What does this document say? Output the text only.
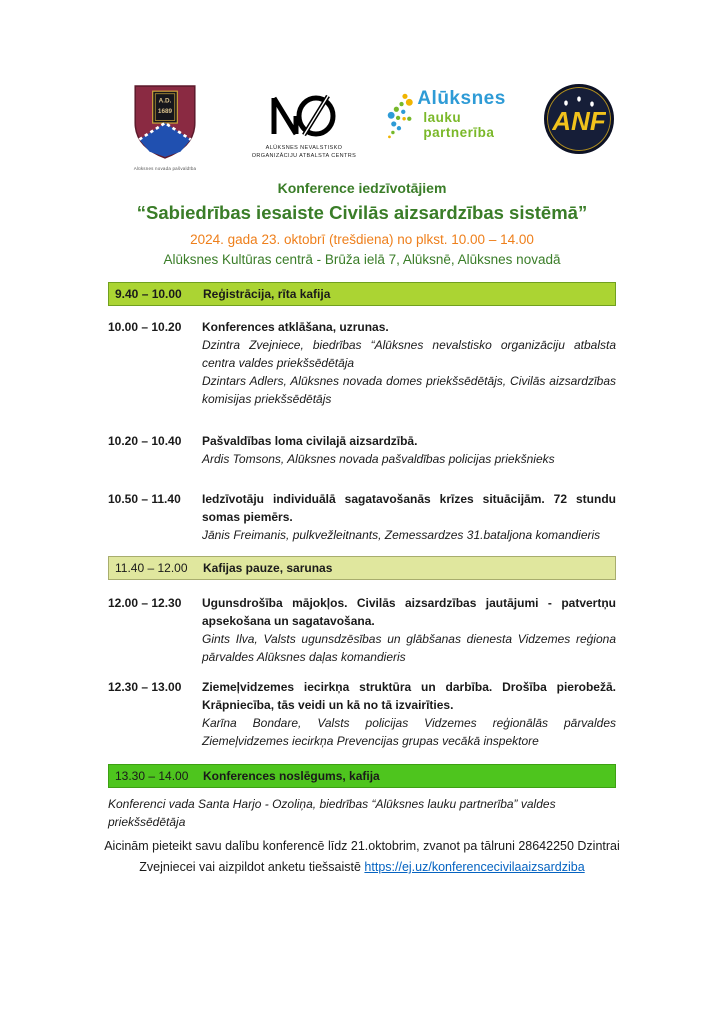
A.D.
1689
Alūksnes novada pašvaldība
ALŪKSNES NEVALSTISKO
ORGANIZĀCIJU ATBALSTA CENTRS
Alūksnes
lauku partnerība	ANF
Konference iedzīvotājiem
“Sabiedrības iesaiste Civilās aizsardzības sistēmā”
2024. gada 23. oktobrī (trešdiena) no plkst. 10.00 – 14.00
Alūksnes Kultūras centrā - Brūža ielā 7, Alūksnē, Alūksnes novadā
9.40 – 10.00	Reģistrācija, rīta kafija
10.00 – 10.20	Konferences atklāšana, uzrunas.
Dzintra Zvejniece, biedrības “Alūksnes nevalstisko organizāciju atbalsta centra valdes priekšsēdētāja
Dzintars Adlers, Alūksnes novada domes priekšsēdētājs, Civilās aizsardzības komisijas priekšsēdētājs
10.20 – 10.40	Pašvaldības loma civilajā aizsardzībā.
Ardis Tomsons, Alūksnes novada pašvaldības policijas priekšnieks
10.50 – 11.40	Iedzīvotāju individuālā sagatavošanās krīzes situācijām. 72 stundu somas piemērs.
Jānis Freimanis, pulkvežleitnants, Zemessardzes 31.bataljona komandieris
11.40 – 12.00	Kafijas pauze, sarunas
12.00 – 12.30	Ugunsdrošība mājokļos. Civilās aizsardzības jautājumi - patvertņu apsekošana un sagatavošana.
Gints Ilva, Valsts ugunsdzēsības un glābšanas dienesta Vidzemes reģiona pārvaldes Alūksnes daļas komandieris
12.30 – 13.00	Ziemeļvidzemes iecirkņa struktūra un darbība. Drošība pierobežā. Krāpniecība, tās veidi un kā no tā izvairīties.
Karīna Bondare, Valsts policijas Vidzemes reģionālās pārvaldes Ziemeļvidzemes iecirkņa Prevencijas grupas vecākā inspektore
13.30 – 14.00	Konferences noslēgums, kafija
Konferenci vada Santa Harjo - Ozoliņa, biedrības “Alūksnes lauku partnerība” valdes priekšsēdētāja
Aicinām pieteikt savu dalību konferencē līdz 21.oktobrim, zvanot pa tālruni 28642250 Dzintrai Zvejniecei vai aizpildot anketu tiešsaistē https://ej.uz/konferencecivilaaizsardziba
